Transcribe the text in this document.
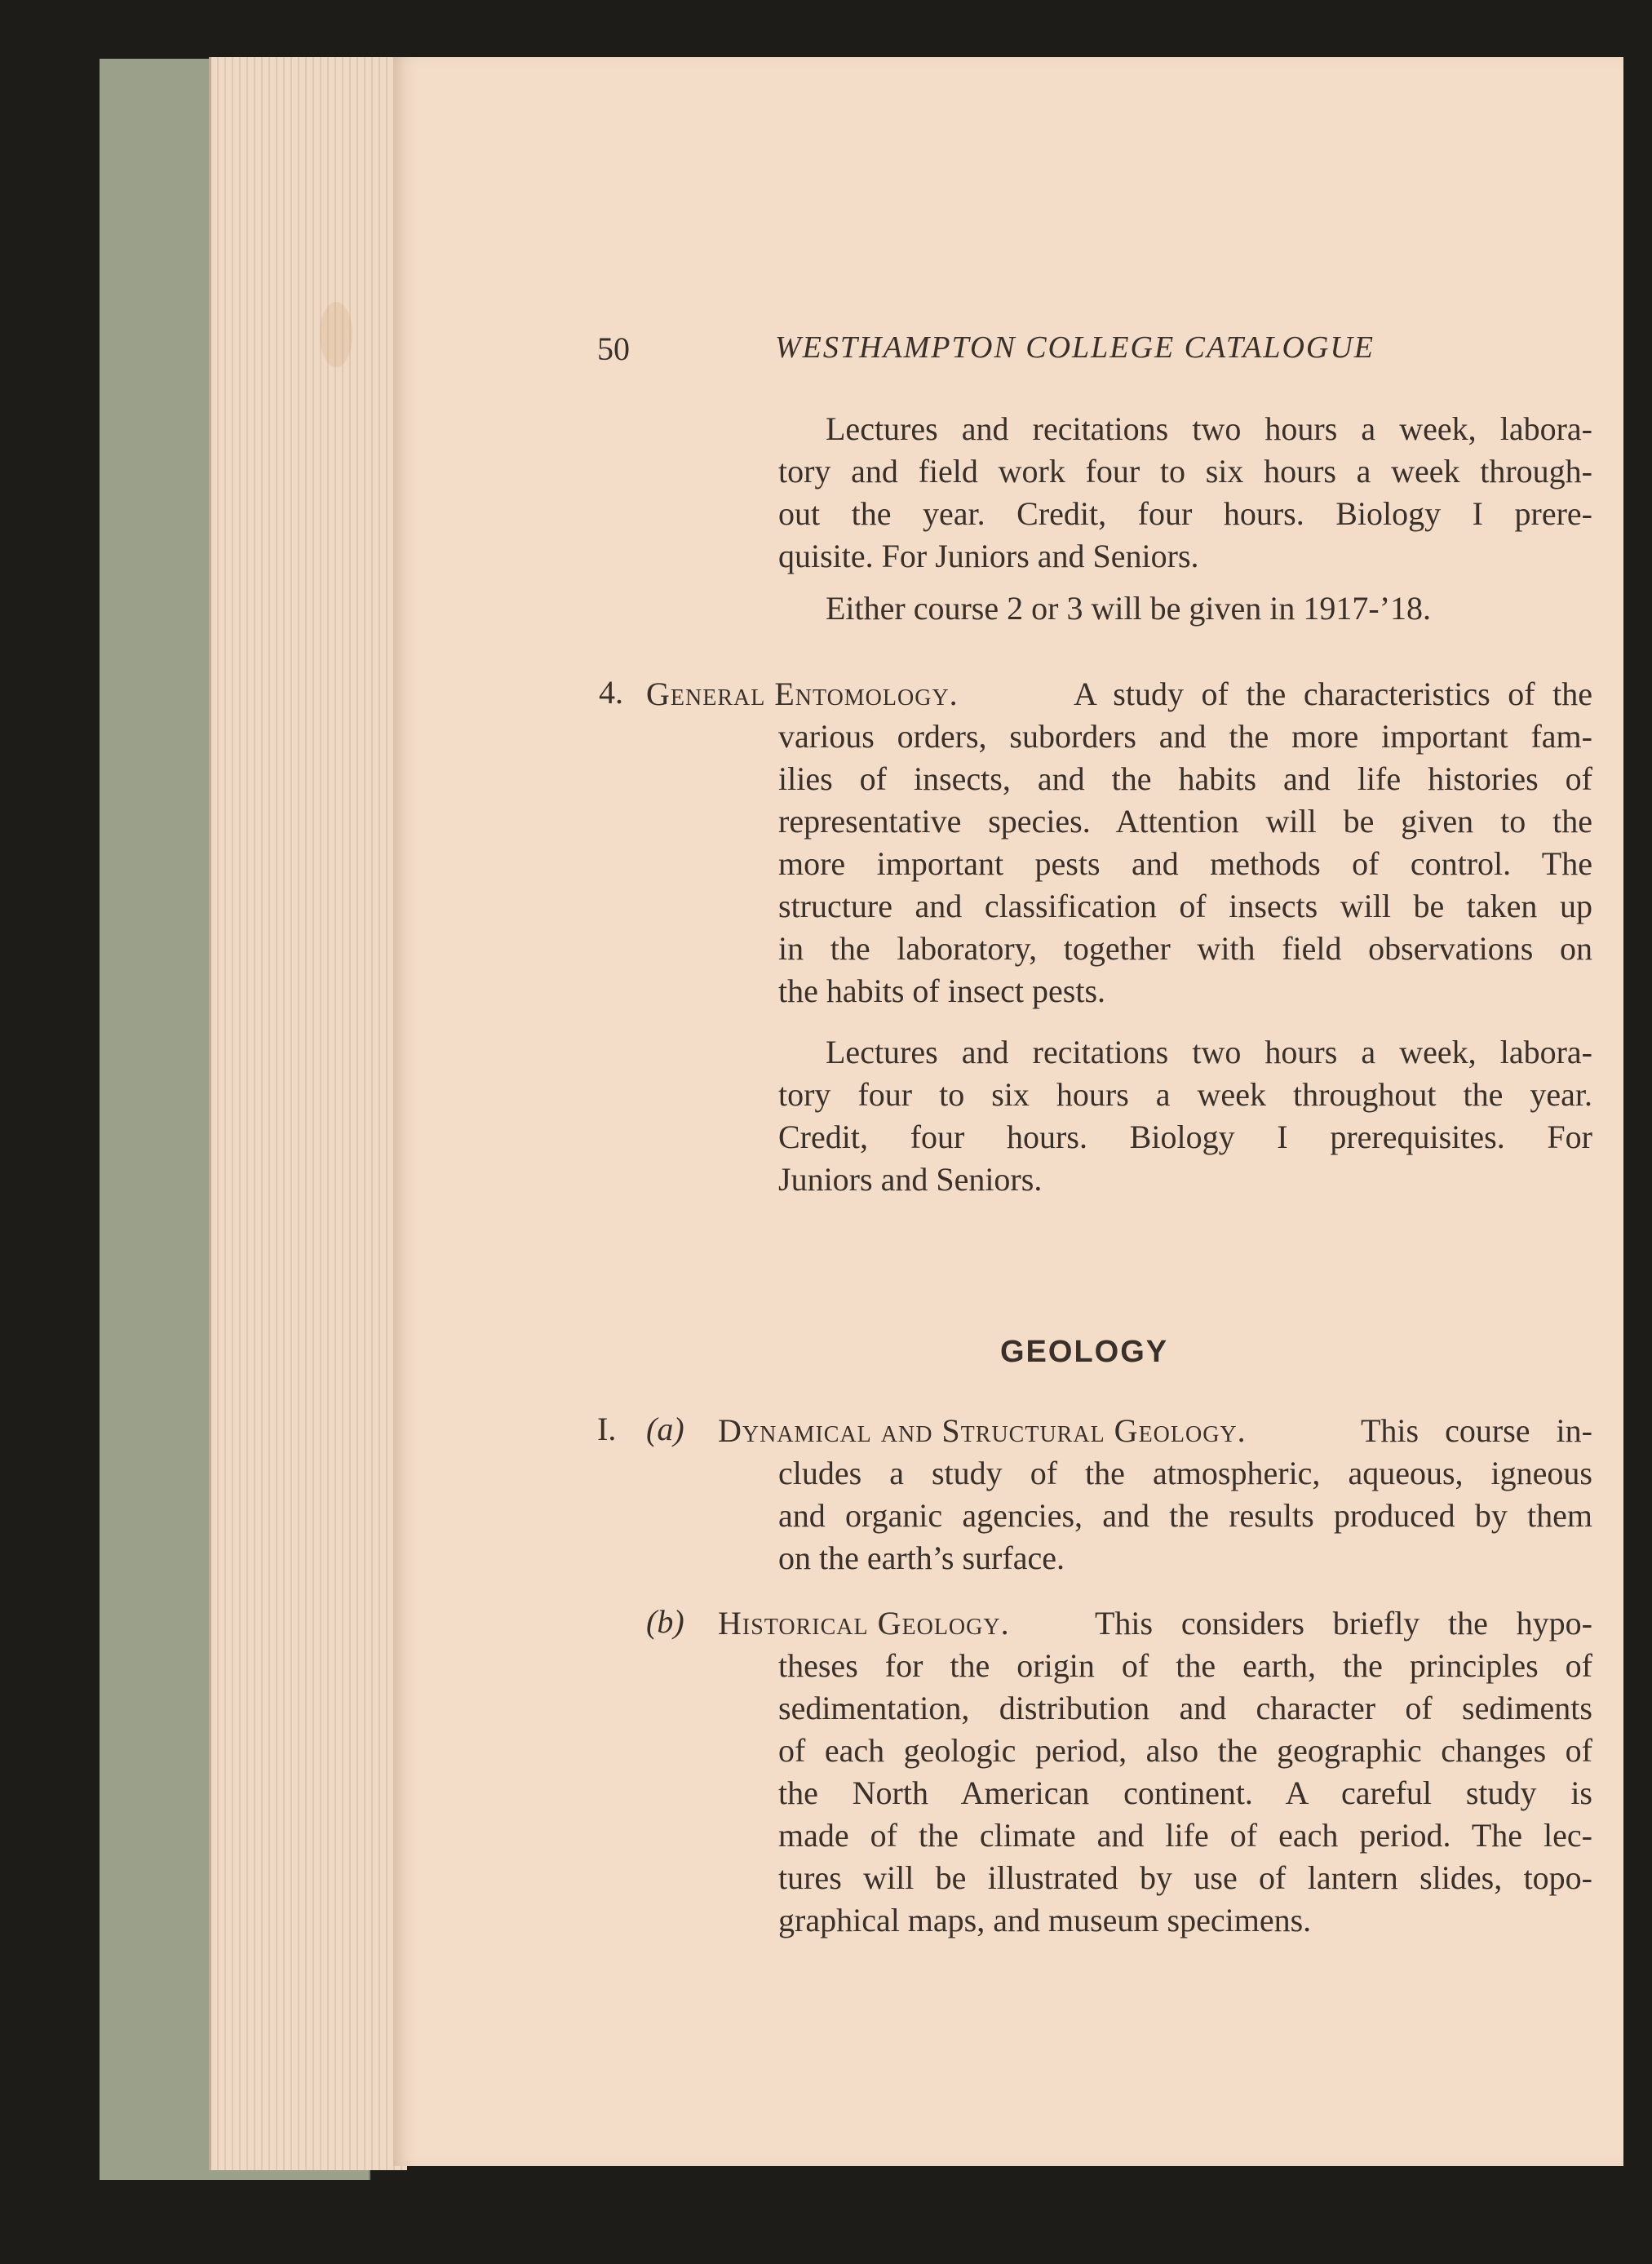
50	WESTHAMPTON COLLEGE CATALOGUE
Lectures and recitations two hours a week, labora-
tory and field work four to six hours a week through-
out the year. Credit, four hours. Biology I prere-
quisite. For Juniors and Seniors.
Either course 2 or 3 will be given in 1917-’18.
4. General Entomology.	A study of the characteristics of the
various orders, suborders and the more important fam-
ilies of insects, and the habits and life histories of
representative species. Attention will be given to the
more important pests and methods of control. The
structure and classification of insects will be taken up
in the laboratory, together with field observations on
the habits of insect pests.
Lectures and recitations two hours a week, labora-
tory four to six hours a week throughout the year.
Credit, four hours. Biology I prerequisites. For
Juniors and Seniors.
GEOLOGY
I. (a) Dynamical and Structural Geology.	This course in-
cludes a study of the atmospheric, aqueous, igneous
and organic agencies, and the results produced by them
on the earth’s surface.
(b) Historical Geology.	This considers briefly the hypo-
theses for the origin of the earth, the principles of
sedimentation, distribution and character of sediments
of each geologic period, also the geographic changes of
the North American continent. A careful study is
made of the climate and life of each period. The lec-
tures will be illustrated by use of lantern slides, topo-
graphical maps, and museum specimens.
